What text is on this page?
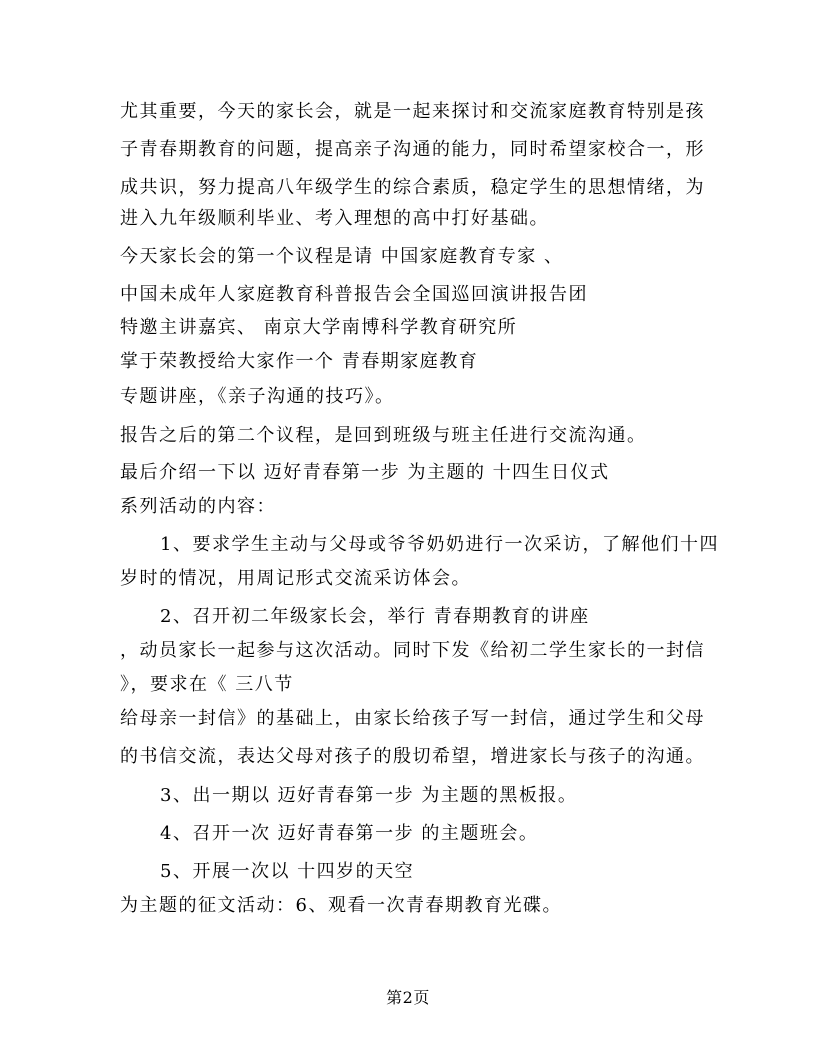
尤其重要，今天的家长会，就是一起来探讨和交流家庭教育特别是孩
子青春期教育的问题，提高亲子沟通的能力，同时希望家校合一，形
成共识，努力提高八年级学生的综合素质，稳定学生的思想情绪，为
进入九年级顺利毕业、考入理想的高中打好基础。
今天家长会的第一个议程是请 中国家庭教育专家 、
中国未成年人家庭教育科普报告会全国巡回演讲报告团
特邀主讲嘉宾、 南京大学南博科学教育研究所
掌于荣教授给大家作一个 青春期家庭教育
专题讲座，《亲子沟通的技巧》。
报告之后的第二个议程，是回到班级与班主任进行交流沟通。
最后介绍一下以 迈好青春第一步 为主题的 十四生日仪式
系列活动的内容：
1、要求学生主动与父母或爷爷奶奶进行一次采访，了解他们十四
岁时的情况，用周记形式交流采访体会。
2、召开初二年级家长会，举行 青春期教育的讲座
，动员家长一起参与这次活动。同时下发《给初二学生家长的一封信
》，要求在《 三八节
给母亲一封信》的基础上，由家长给孩子写一封信，通过学生和父母
的书信交流，表达父母对孩子的殷切希望，增进家长与孩子的沟通。
3、出一期以 迈好青春第一步 为主题的黑板报。
4、召开一次 迈好青春第一步 的主题班会。
5、开展一次以 十四岁的天空
为主题的征文活动：6、观看一次青春期教育光碟。
第2页
